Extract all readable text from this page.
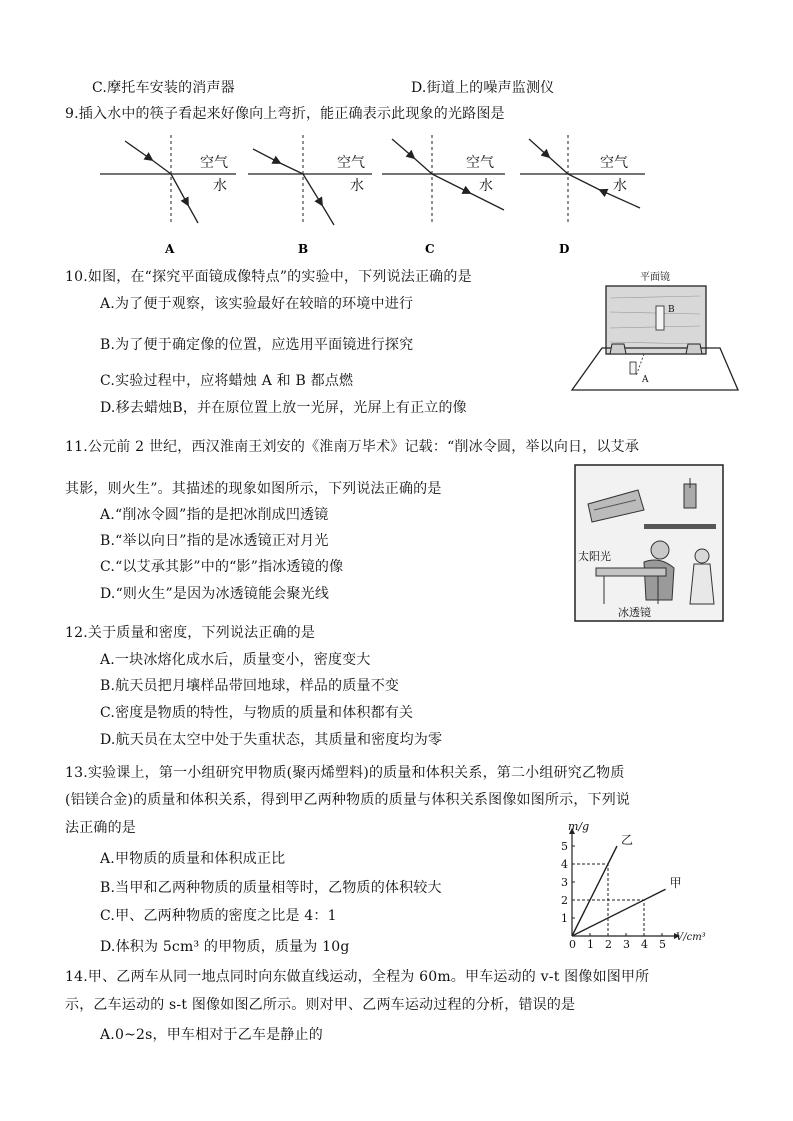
C.摩托车安装的消声器	D.街道上的噪声监测仪
9.插入水中的筷子看起来好像向上弯折，能正确表示此现象的光路图是
空气
水
A
空气
水
B
空气
水
C
空气
水
D
10.如图，在“探究平面镜成像特点”的实验中，下列说法正确的是
A.为了便于观察，该实验最好在较暗的环境中进行
B.为了便于确定像的位置，应选用平面镜进行探究
C.实验过程中，应将蜡烛 A 和 B 都点燃
D.移去蜡烛B，并在原位置上放一光屏，光屏上有正立的像
平面镜
B
A
11.公元前 2 世纪，西汉淮南王刘安的《淮南万毕术》记载：“削冰令圆，举以向日，以艾承
其影，则火生”。其描述的现象如图所示，下列说法正确的是
A.“削冰令圆”指的是把冰削成凹透镜
B.“举以向日”指的是冰透镜正对月光
C.“以艾承其影”中的“影”指冰透镜的像
D.“则火生”是因为冰透镜能会聚光线
太阳光
冰透镜
12.关于质量和密度，下列说法正确的是
A.一块冰熔化成水后，质量变小，密度变大
B.航天员把月壤样品带回地球，样品的质量不变
C.密度是物质的特性，与物质的质量和体积都有关
D.航天员在太空中处于失重状态，其质量和密度均为零
13.实验课上，第一小组研究甲物质(聚丙烯塑料)的质量和体积关系，第二小组研究乙物质
(铝镁合金)的质量和体积关系，得到甲乙两种物质的质量与体积关系图像如图所示，下列说
法正确的是
A.甲物质的质量和体积成正比
B.当甲和乙两种物质的质量相等时，乙物质的体积较大
C.甲、乙两种物质的密度之比是 4：1
D.体积为 5cm³ 的甲物质，质量为 10g	0 1 2 3 4 5
1
2
3
4
5
m/g
V/cm³
乙
甲
14.甲、乙两车从同一地点同时向东做直线运动，全程为 60m。甲车运动的 v-t 图像如图甲所
示，乙车运动的 s-t 图像如图乙所示。则对甲、乙两车运动过程的分析，错误的是
A.0~2s，甲车相对于乙车是静止的
